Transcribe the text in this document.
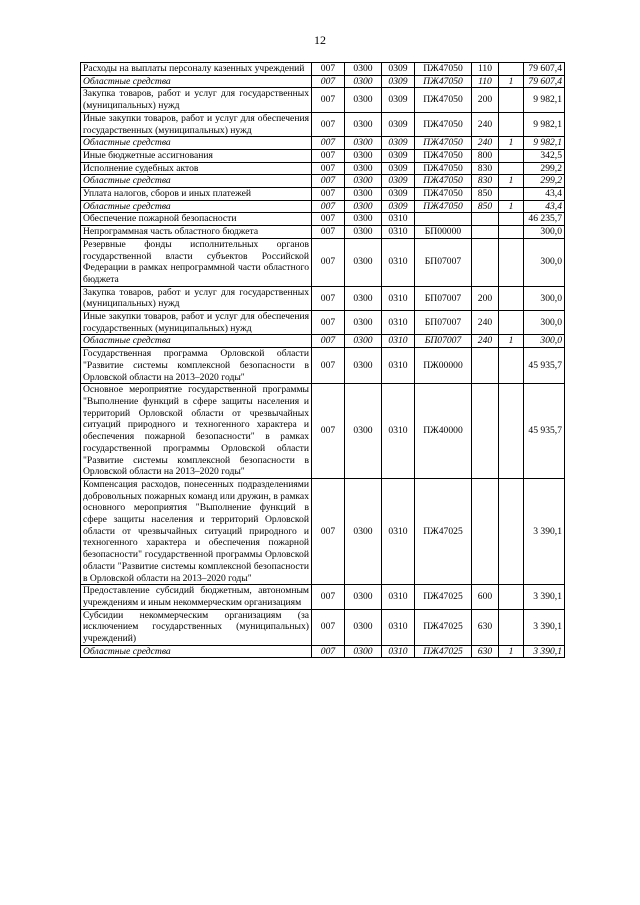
12
Расходы на выплаты персоналу казенных учреждений	007	0300	0309	ПЖ47050	110		79 607,4
Областные средства	007	0300	0309	ПЖ47050	110	1	79 607,4
Закупка товаров, работ и услуг для государственных (муниципальных) нужд	007	0300	0309	ПЖ47050	200		9 982,1
Иные закупки товаров, работ и услуг для обеспечения государственных (муниципальных) нужд	007	0300	0309	ПЖ47050	240		9 982,1
Областные средства	007	0300	0309	ПЖ47050	240	1	9 982,1
Иные бюджетные ассигнования	007	0300	0309	ПЖ47050	800		342,5
Исполнение судебных актов	007	0300	0309	ПЖ47050	830		299,2
Областные средства	007	0300	0309	ПЖ47050	830	1	299,2
Уплата налогов, сборов и иных платежей	007	0300	0309	ПЖ47050	850		43,4
Областные средства	007	0300	0309	ПЖ47050	850	1	43,4
Обеспечение пожарной безопасности	007	0300	0310				46 235,7
Непрограммная часть областного бюджета	007	0300	0310	БП00000			300,0
Резервные фонды исполнительных органов государственной власти субъектов Российской Федерации в рамках непрограммной части областного бюджета	007	0300	0310	БП07007			300,0
Закупка товаров, работ и услуг для государственных (муниципальных) нужд	007	0300	0310	БП07007	200		300,0
Иные закупки товаров, работ и услуг для обеспечения государственных (муниципальных) нужд	007	0300	0310	БП07007	240		300,0
Областные средства	007	0300	0310	БП07007	240	1	300,0
Государственная программа Орловской области "Развитие системы комплексной безопасности в Орловской области на 2013–2020 годы"	007	0300	0310	ПЖ00000			45 935,7
Основное мероприятие государственной программы "Выполнение функций в сфере защиты населения и территорий Орловской области от чрезвычайных ситуаций природного и техногенного характера и обеспечения пожарной безопасности" в рамках государственной программы Орловской области "Развитие системы комплексной безопасности в Орловской области на 2013–2020 годы"	007	0300	0310	ПЖ40000			45 935,7
Компенсация расходов, понесенных подразделениями добровольных пожарных команд или дружин, в рамках основного мероприятия "Выполнение функций в сфере защиты населения и территорий Орловской области от чрезвычайных ситуаций природного и техногенного характера и обеспечения пожарной безопасности" государственной программы Орловской области "Развитие системы комплексной безопасности в Орловской области на 2013–2020 годы"	007	0300	0310	ПЖ47025			3 390,1
Предоставление субсидий бюджетным, автономным учреждениям и иным некоммерческим организациям	007	0300	0310	ПЖ47025	600		3 390,1
Субсидии некоммерческим организациям (за исключением государственных (муниципальных) учреждений)	007	0300	0310	ПЖ47025	630		3 390,1
Областные средства	007	0300	0310	ПЖ47025	630	1	3 390,1
